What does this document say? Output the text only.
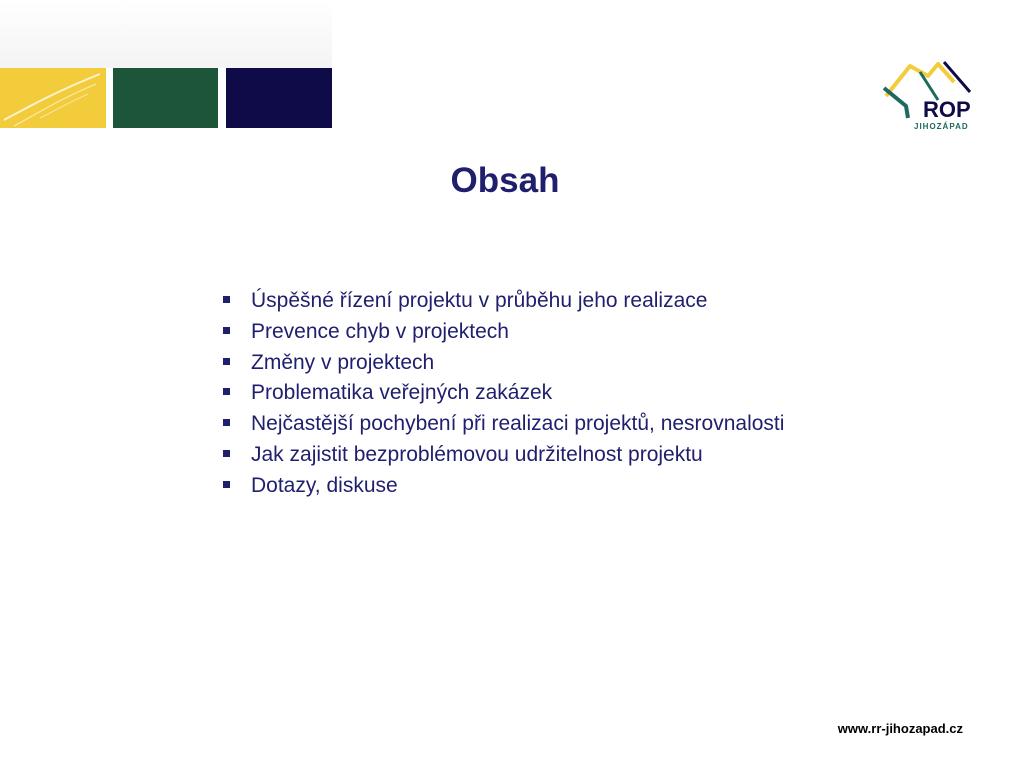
ROP
JIHOZÁPAD
Obsah
Úspěšné řízení projektu v průběhu jeho realizace
Prevence chyb v projektech
Změny v projektech
Problematika veřejných zakázek
Nejčastější pochybení při realizaci projektů, nesrovnalosti
Jak zajistit bezproblémovou udržitelnost projektu
Dotazy, diskuse
www.rr-jihozapad.cz
